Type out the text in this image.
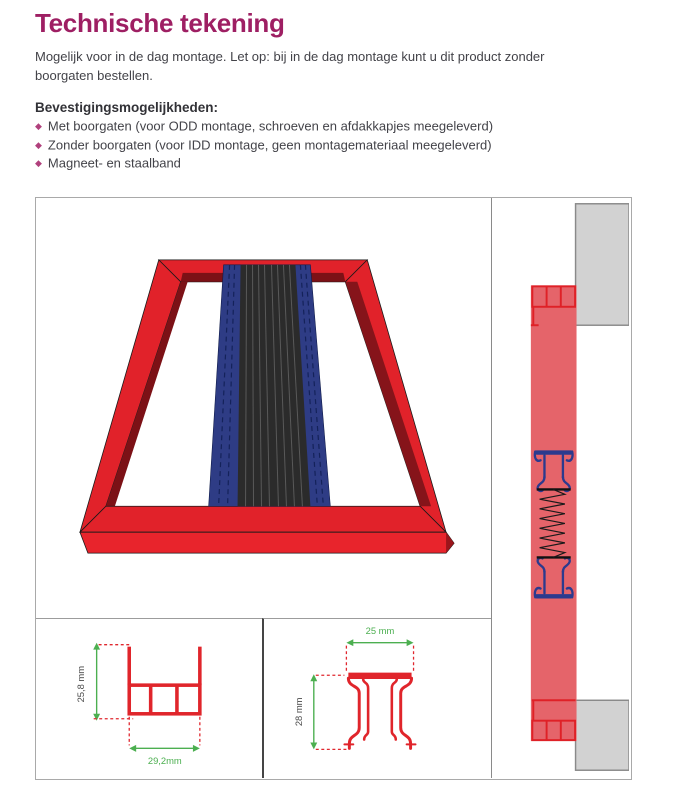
Technische tekening
Mogelijk voor in de dag montage. Let op: bij in de dag montage kunt u dit product zonder
boorgaten bestellen.
Bevestigingsmogelijkheden:
◆ Met boorgaten (voor ODD montage, schroeven en afdakkapjes meegeleverd)
◆ Zonder boorgaten (voor IDD montage, geen montagemateriaal meegeleverd)
◆ Magneet- en staalband
25,8 mm
29,2mm
25 mm
28 mm
